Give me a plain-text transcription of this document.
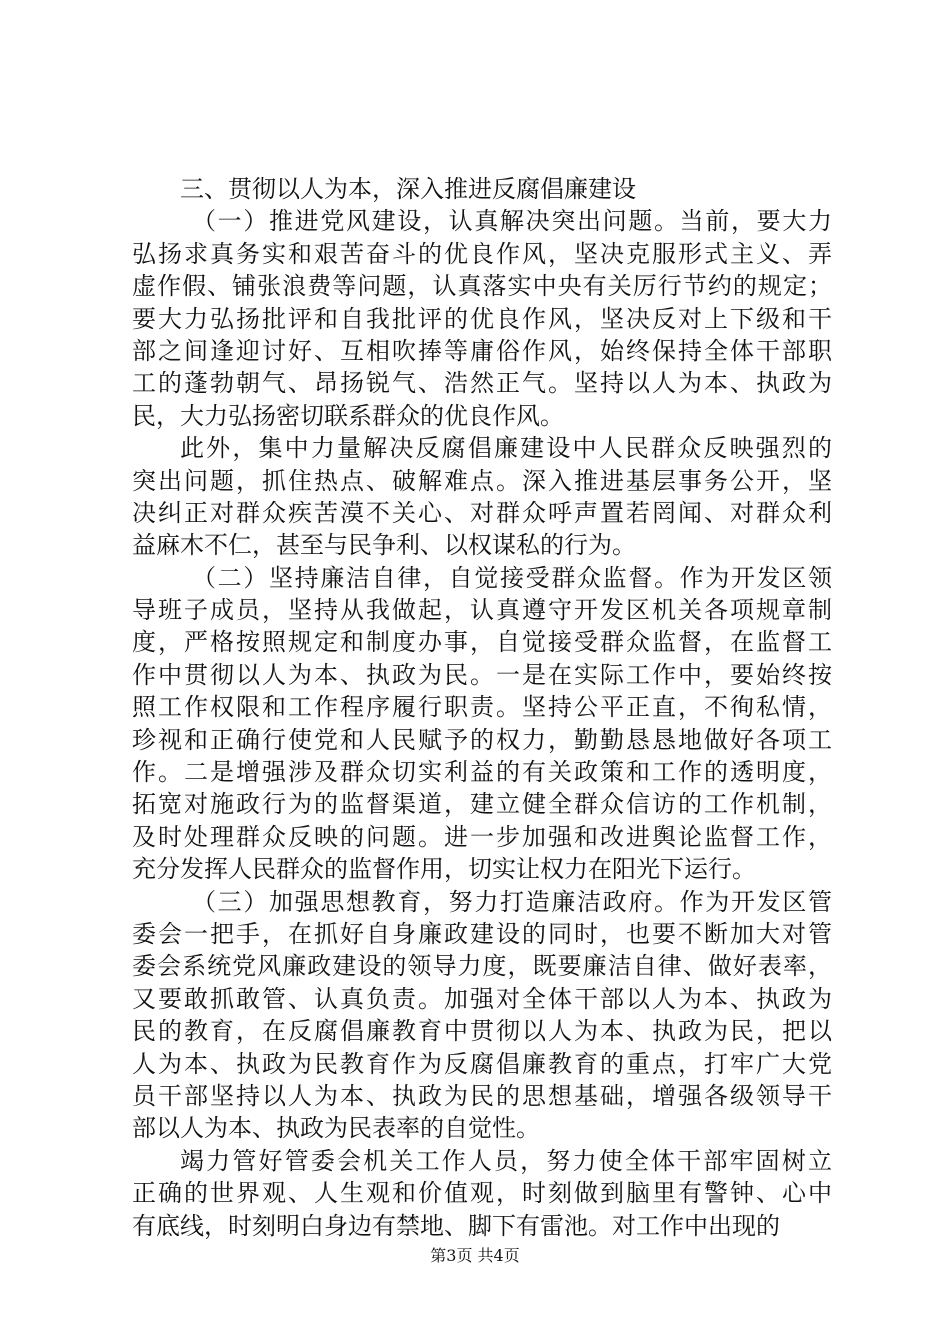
三、贯彻以人为本，深入推进反腐倡廉建设
（一）推进党风建设，认真解决突出问题。当前，要大力
弘扬求真务实和艰苦奋斗的优良作风，坚决克服形式主义、弄
虚作假、铺张浪费等问题，认真落实中央有关厉行节约的规定；
要大力弘扬批评和自我批评的优良作风，坚决反对上下级和干
部之间逢迎讨好、互相吹捧等庸俗作风，始终保持全体干部职
工的蓬勃朝气、昂扬锐气、浩然正气。坚持以人为本、执政为
民，大力弘扬密切联系群众的优良作风。
此外，集中力量解决反腐倡廉建设中人民群众反映强烈的
突出问题，抓住热点、破解难点。深入推进基层事务公开，坚
决纠正对群众疾苦漠不关心、对群众呼声置若罔闻、对群众利
益麻木不仁，甚至与民争利、以权谋私的行为。
（二）坚持廉洁自律，自觉接受群众监督。作为开发区领
导班子成员，坚持从我做起，认真遵守开发区机关各项规章制
度，严格按照规定和制度办事，自觉接受群众监督，在监督工
作中贯彻以人为本、执政为民。一是在实际工作中，要始终按
照工作权限和工作程序履行职责。坚持公平正直，不徇私情，
珍视和正确行使党和人民赋予的权力，勤勤恳恳地做好各项工
作。二是增强涉及群众切实利益的有关政策和工作的透明度，
拓宽对施政行为的监督渠道，建立健全群众信访的工作机制，
及时处理群众反映的问题。进一步加强和改进舆论监督工作，
充分发挥人民群众的监督作用，切实让权力在阳光下运行。
（三）加强思想教育，努力打造廉洁政府。作为开发区管
委会一把手，在抓好自身廉政建设的同时，也要不断加大对管
委会系统党风廉政建设的领导力度，既要廉洁自律、做好表率，
又要敢抓敢管、认真负责。加强对全体干部以人为本、执政为
民的教育，在反腐倡廉教育中贯彻以人为本、执政为民，把以
人为本、执政为民教育作为反腐倡廉教育的重点，打牢广大党
员干部坚持以人为本、执政为民的思想基础，增强各级领导干
部以人为本、执政为民表率的自觉性。
竭力管好管委会机关工作人员，努力使全体干部牢固树立
正确的世界观、人生观和价值观，时刻做到脑里有警钟、心中
有底线，时刻明白身边有禁地、脚下有雷池。对工作中出现的
第3页 共4页
